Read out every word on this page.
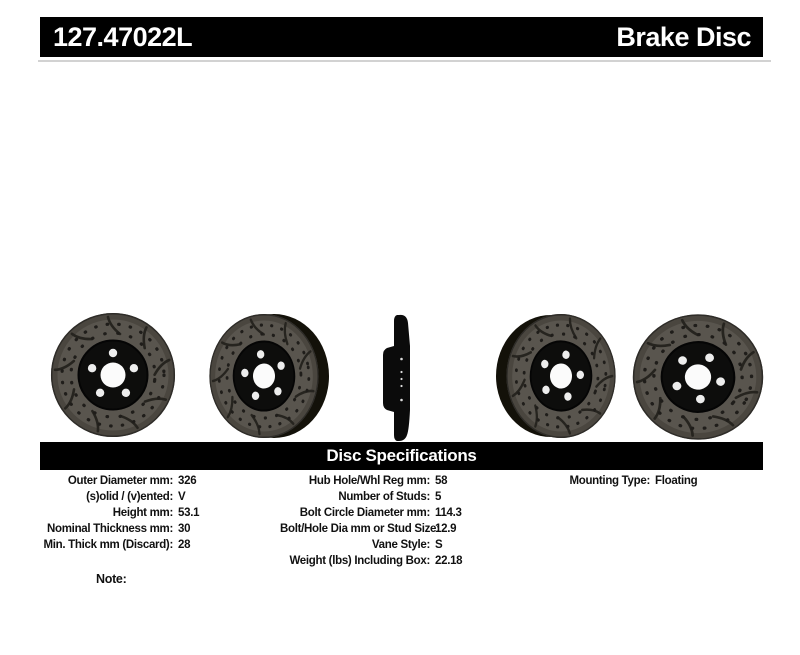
127.47022L	Brake Disc
Disc Specifications
Outer Diameter mm: 326
(s)olid / (v)ented: V
Height mm: 53.1
Nominal Thickness mm: 30
Min. Thick mm (Discard): 28
Hub Hole/Whl Reg mm: 58
Number of Studs: 5
Bolt Circle Diameter mm: 114.3
Bolt/Hole Dia mm or Stud Size:
12.9
Vane Style: S
Weight (lbs) Including Box: 22.18
Mounting Type: Floating
Note:
